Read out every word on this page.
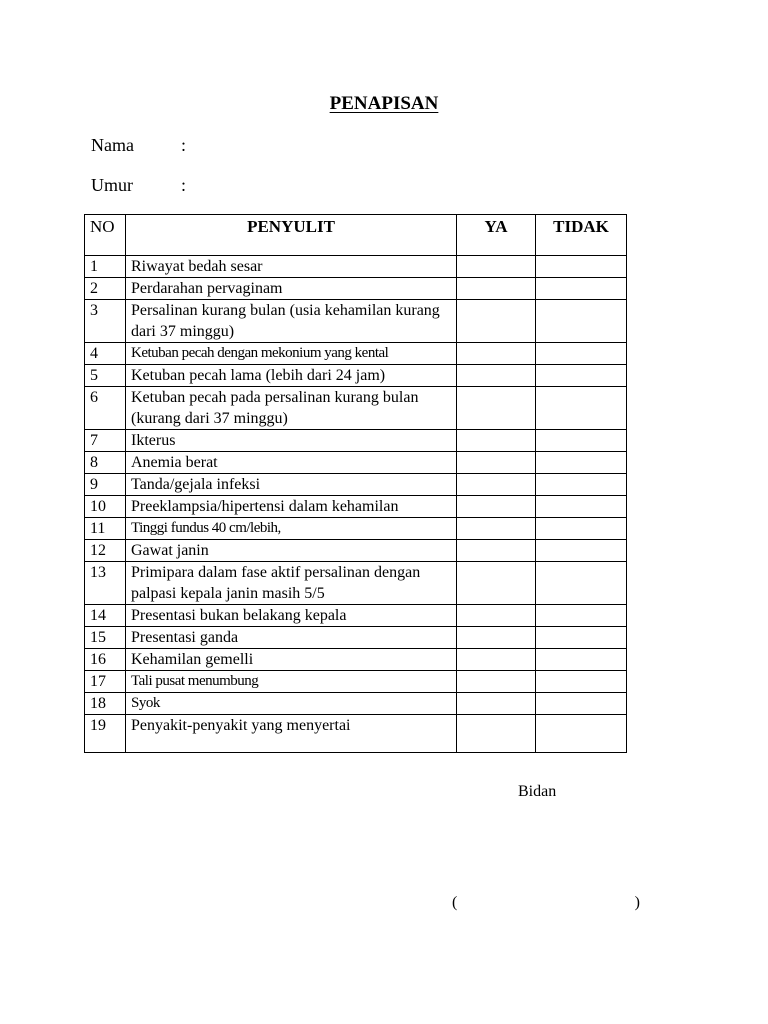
PENAPISAN
Nama	:
Umur	:
NO	PENYULIT	YA	TIDAK
1	Riwayat bedah sesar		
2	Perdarahan pervaginam		
3	Persalinan kurang bulan (usia kehamilan kurang dari 37 minggu)		
4	Ketuban pecah dengan mekonium yang kental		
5	Ketuban pecah lama (lebih dari 24 jam)		
6	Ketuban pecah pada persalinan kurang bulan (kurang dari 37 minggu)		
7	Ikterus		
8	Anemia berat		
9	Tanda/gejala infeksi		
10	Preeklampsia/hipertensi dalam kehamilan		
11	Tinggi fundus 40 cm/lebih,		
12	Gawat janin		
13	Primipara dalam fase aktif persalinan dengan palpasi kepala janin masih 5/5		
14	Presentasi bukan belakang kepala		
15	Presentasi ganda		
16	Kehamilan gemelli		
17	Tali pusat menumbung		
18	Syok		
19	Penyakit-penyakit yang menyertai		
Bidan
(	)
